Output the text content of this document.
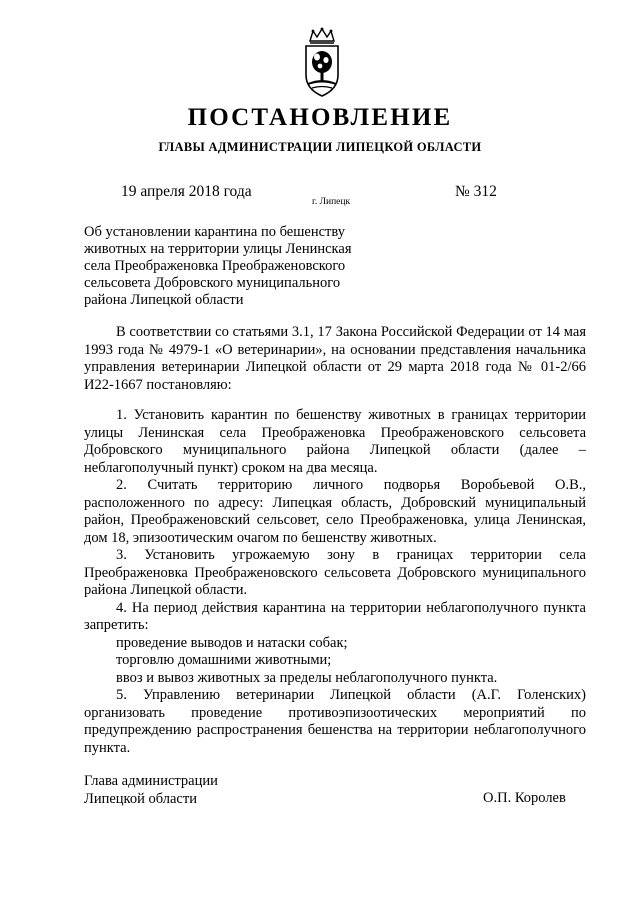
ПОСТАНОВЛЕНИЕ
ГЛАВЫ АДМИНИСТРАЦИИ ЛИПЕЦКОЙ ОБЛАСТИ
19 апреля 2018 года
г. Липецк
№ 312
Об установлении карантина по бешенству
животных на территории улицы Ленинская
села Преображеновка Преображеновского
сельсовета Добровского муниципального
района Липецкой области

В соответствии со статьями 3.1, 17 Закона Российской Федерации от 14 мая 1993 года № 4979-1 «О ветеринарии», на основании представления начальника управления ветеринарии Липецкой области от 29 марта 2018 года № 01-2/66 И22-1667 постановляю:

1. Установить карантин по бешенству животных в границах территории улицы Ленинская села Преображеновка Преображеновского сельсовета Добровского муниципального района Липецкой области (далее – неблагополучный пункт) сроком на два месяца.

2. Считать территорию личного подворья Воробьевой О.В., расположенного по адресу: Липецкая область, Добровский муниципальный район, Преображеновский сельсовет, село Преображеновка, улица Ленинская, дом 18, эпизоотическим очагом по бешенству животных.

3. Установить угрожаемую зону в границах территории села Преображеновка Преображеновского сельсовета Добровского муниципального района Липецкой области.

4. На период действия карантина на территории неблагополучного пункта запретить:

проведение выводов и натаски собак;

торговлю домашними животными;

ввоз и вывоз животных за пределы неблагополучного пункта.

5. Управлению ветеринарии Липецкой области (А.Г. Голенских) организовать проведение противоэпизоотических мероприятий по предупреждению распространения бешенства на территории неблагополучного пункта.

Глава администрации
Липецкой области	О.П. Королев
